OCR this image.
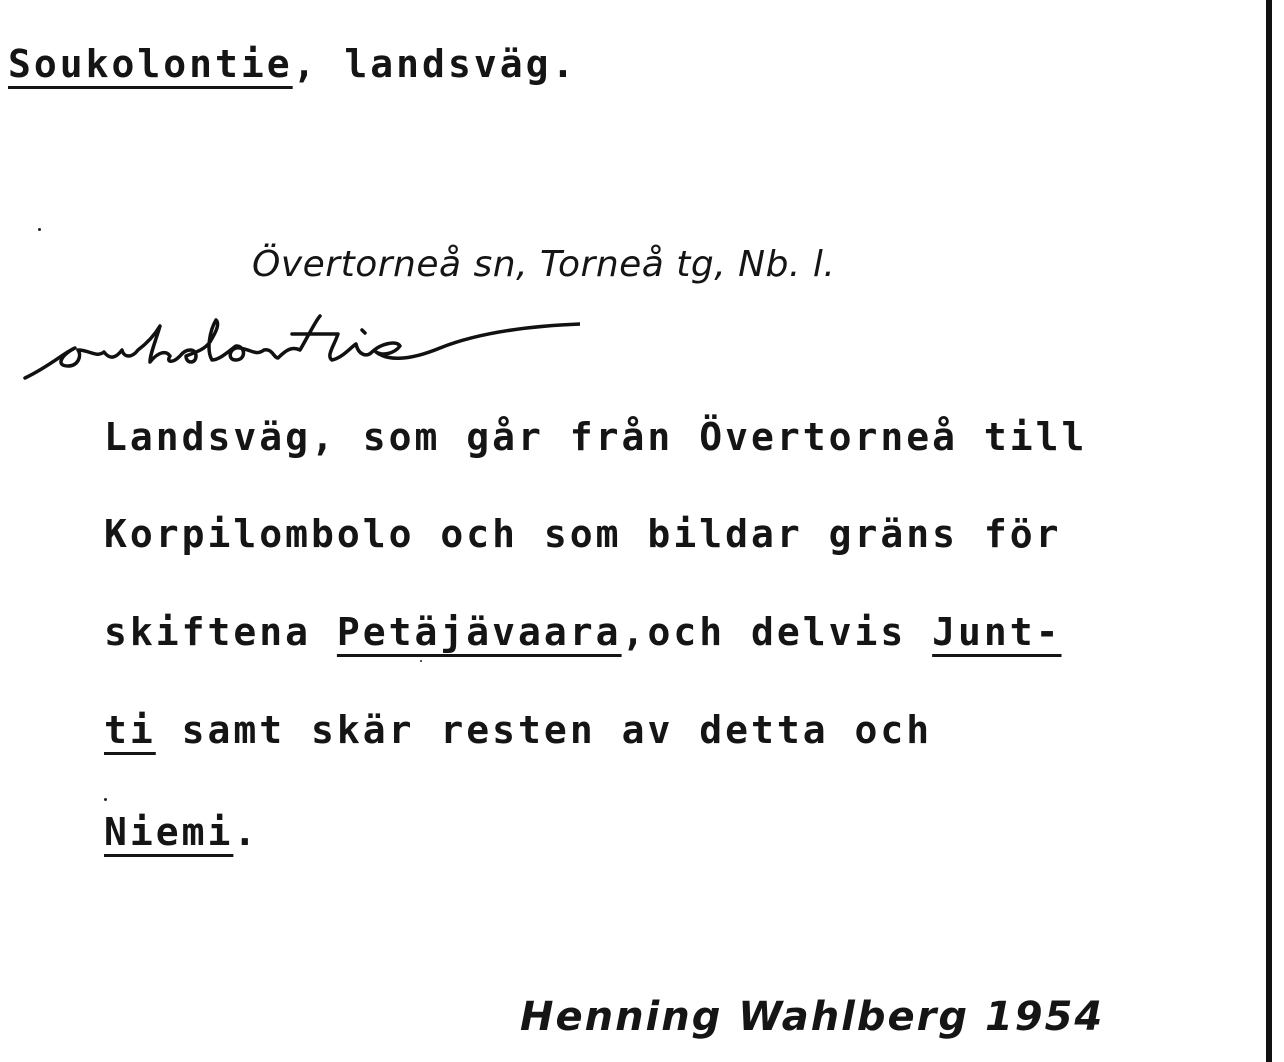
Soukolontie, landsväg.
Övertorneå sn, Torneå tg, Nb. l.
Landsväg, som går från Övertorneå till
Korpilombolo och som bildar gräns för
skiftena Petäjävaara,och delvis Junt-
ti samt skär resten av detta och
Niemi.
Henning Wahlberg 1954
